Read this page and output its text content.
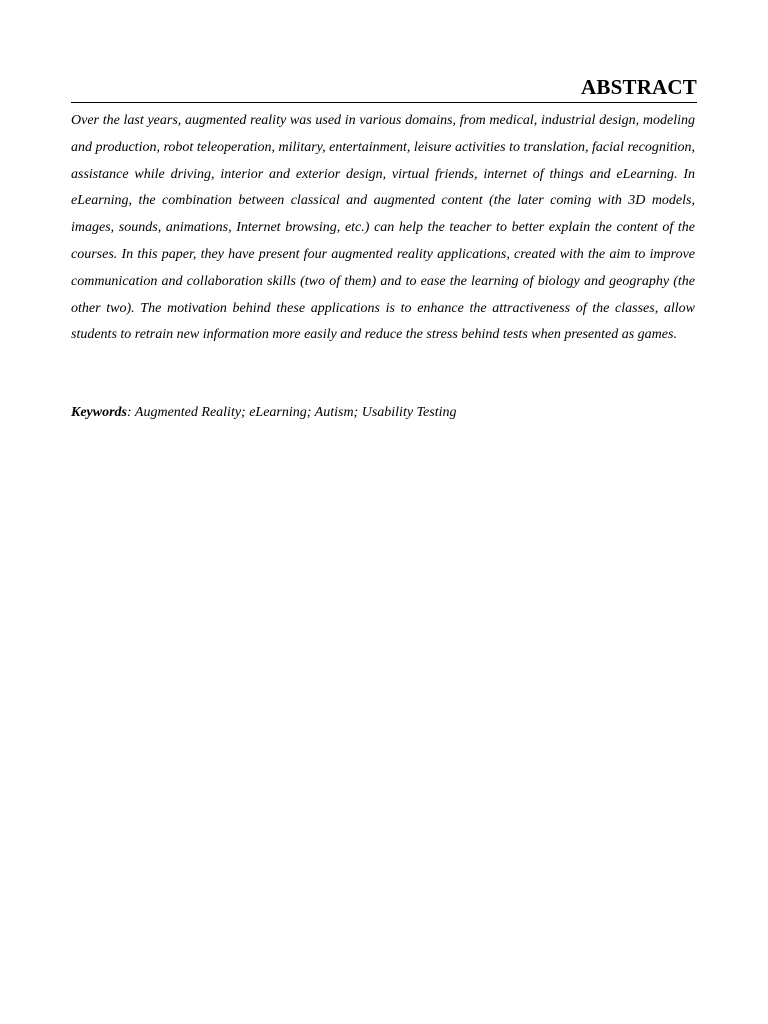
ABSTRACT

Over the last years, augmented reality was used in various domains, from medical, industrial design, modeling and production, robot teleoperation, military, entertainment, leisure activities to translation, facial recognition, assistance while driving, interior and exterior design, virtual friends, internet of things and eLearning. In eLearning, the combination between classical and augmented content (the later coming with 3D models, images, sounds, animations, Internet browsing, etc.) can help the teacher to better explain the content of the courses. In this paper, they have present four augmented reality applications, created with the aim to improve communication and collaboration skills (two of them) and to ease the learning of biology and geography (the other two). The motivation behind these applications is to enhance the attractiveness of the classes, allow students to retrain new information more easily and reduce the stress behind tests when presented as games.

Keywords: Augmented Reality; eLearning; Autism; Usability Testing
